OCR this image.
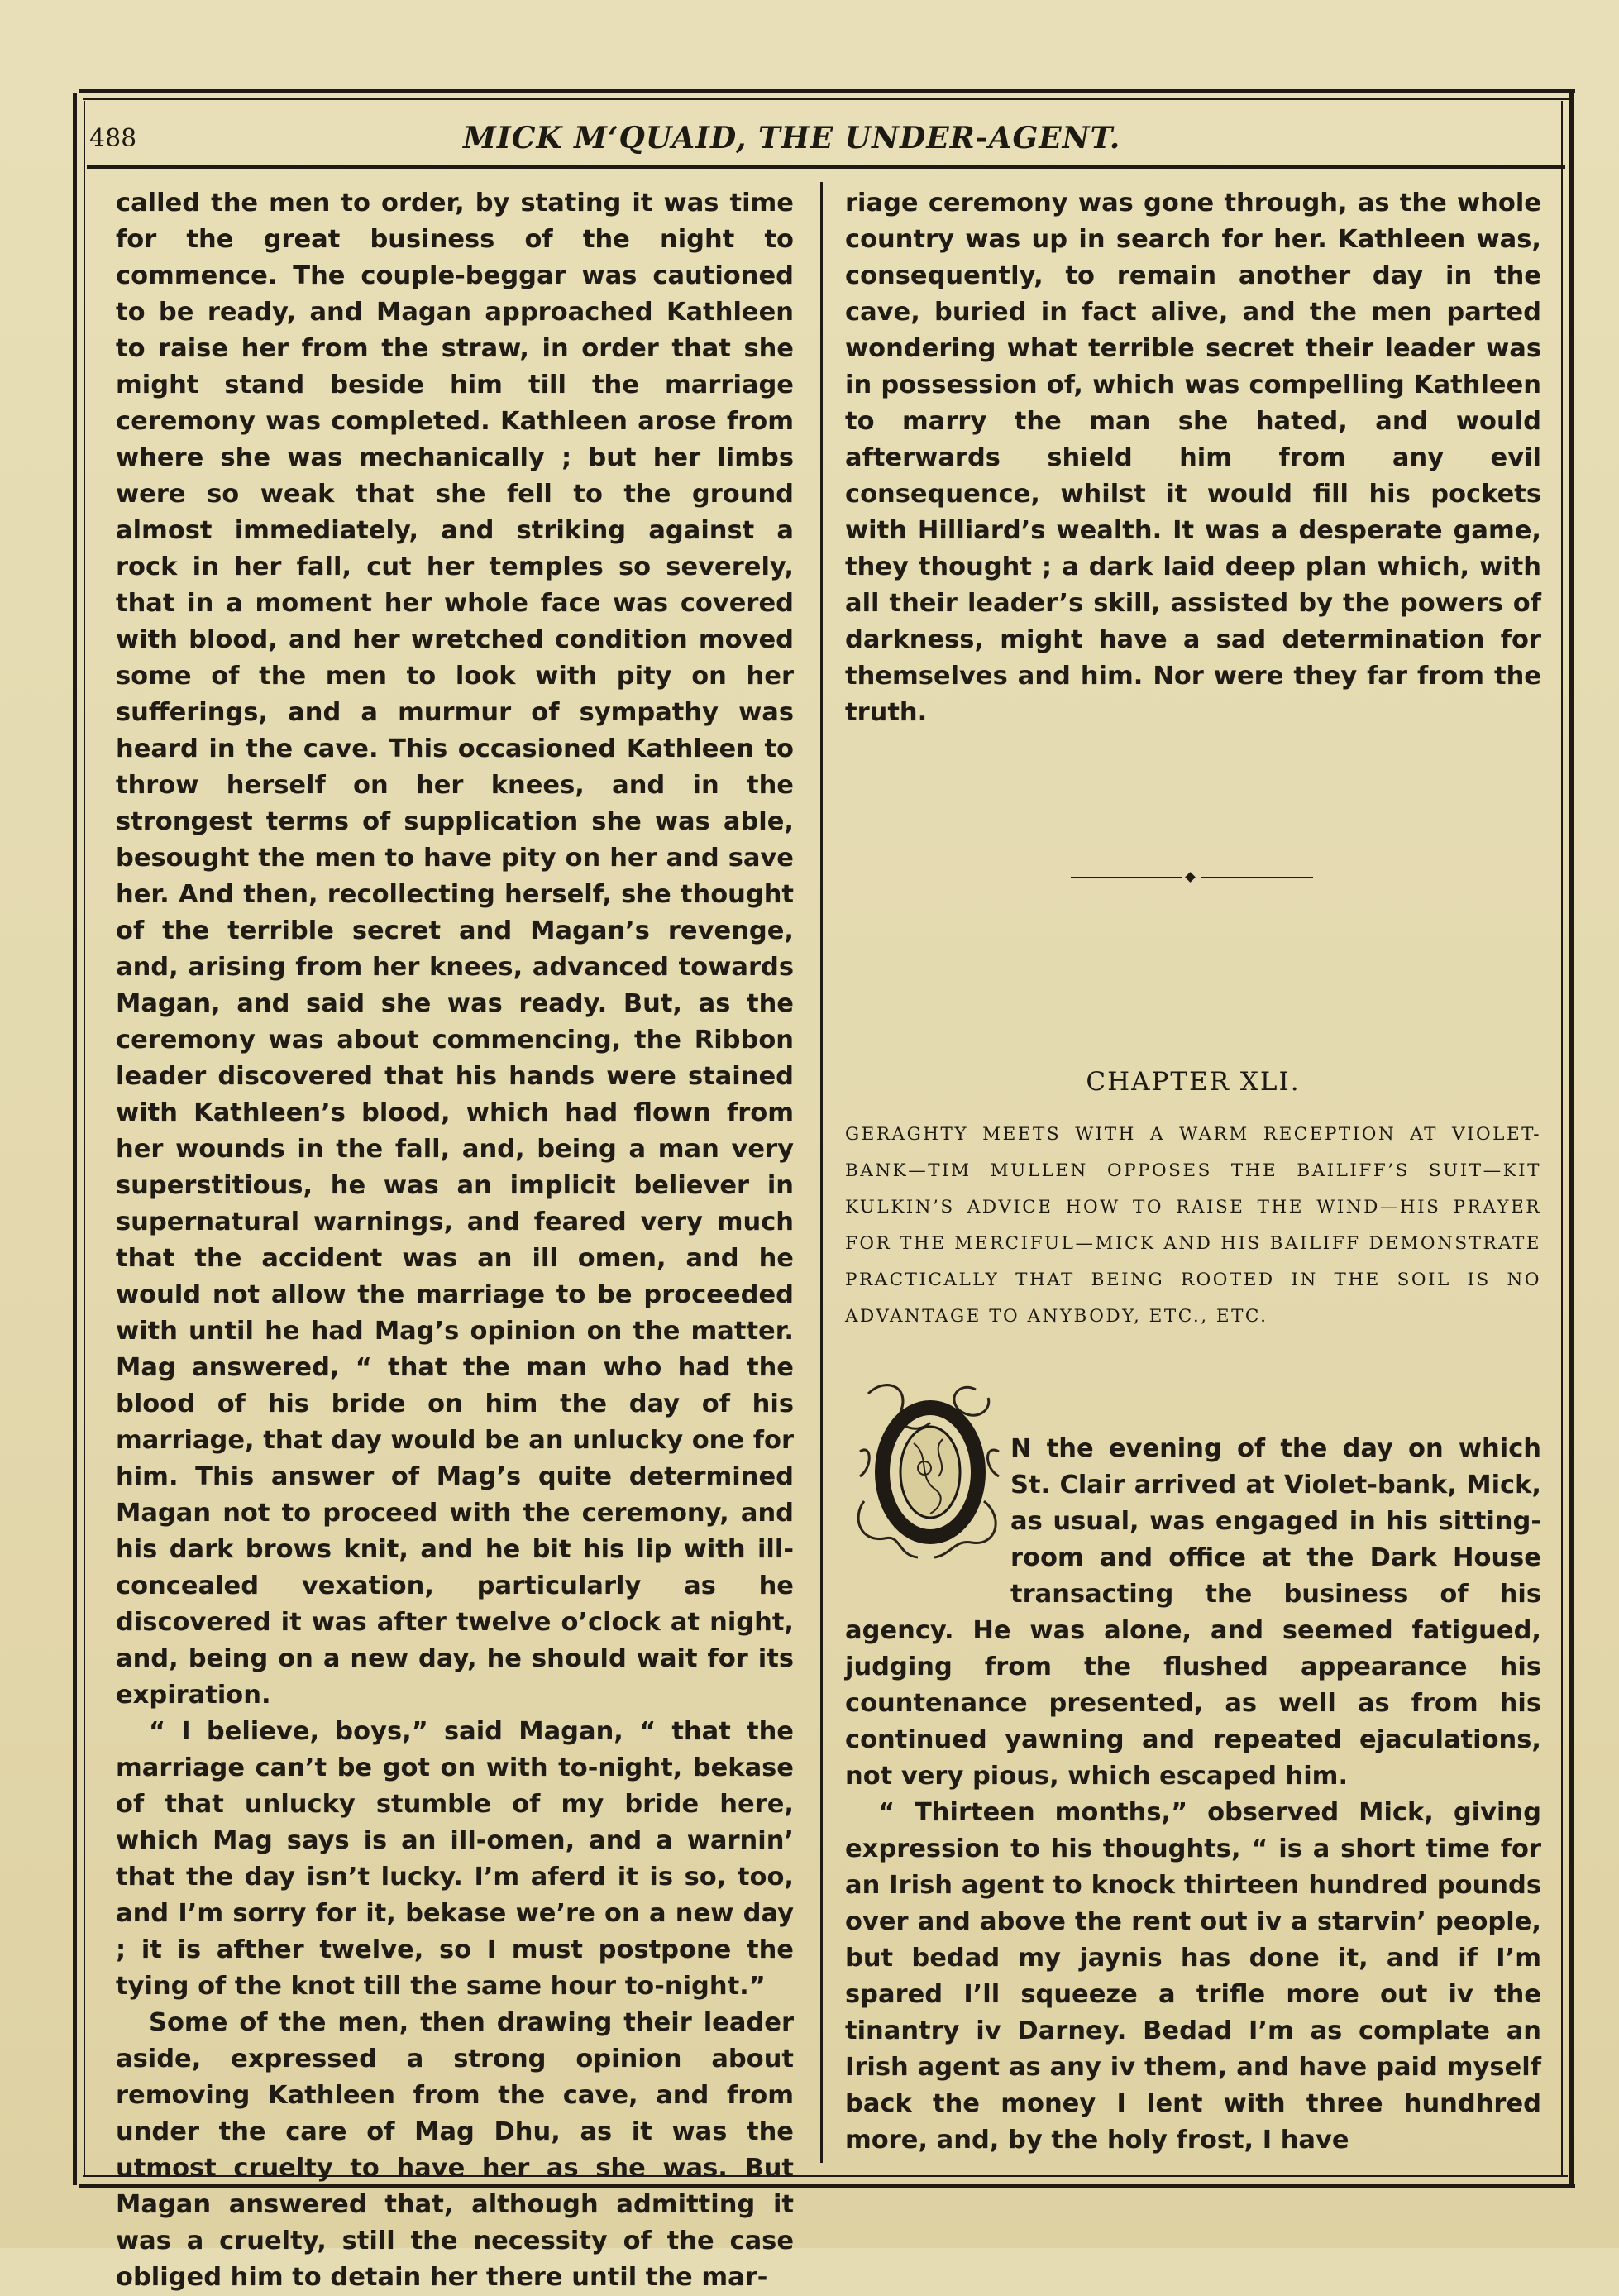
488	MICK M‘QUAID, THE UNDER-AGENT.

called the men to order, by stating it was time for the great business of the night to commence. The couple-beggar was cautioned to be ready, and Magan approached Kathleen to raise her from the straw, in order that she might stand beside him till the marriage ceremony was completed. Kathleen arose from where she was mechanically ; but her limbs were so weak that she fell to the ground almost immediately, and striking against a rock in her fall, cut her temples so severely, that in a moment her whole face was covered with blood, and her wretched condition moved some of the men to look with pity on her sufferings, and a murmur of sympathy was heard in the cave. This occasioned Kathleen to throw herself on her knees, and in the strongest terms of supplication she was able, besought the men to have pity on her and save her. And then, recollecting herself, she thought of the terrible secret and Magan’s revenge, and, arising from her knees, advanced towards Magan, and said she was ready. But, as the ceremony was about commencing, the Ribbon leader discovered that his hands were stained with Kathleen’s blood, which had flown from her wounds in the fall, and, being a man very superstitious, he was an implicit believer in supernatural warnings, and feared very much that the accident was an ill omen, and he would not allow the marriage to be proceeded with until he had Mag’s opinion on the matter. Mag answered, “ that the man who had the blood of his bride on him the day of his marriage, that day would be an unlucky one for him. This answer of Mag’s quite determined Magan not to proceed with the ceremony, and his dark brows knit, and he bit his lip with ill-concealed vexation, particularly as he discovered it was after twelve o’clock at night, and, being on a new day, he should wait for its expiration.

“ I believe, boys,” said Magan, “ that the marriage can’t be got on with to-night, bekase of that unlucky stumble of my bride here, which Mag says is an ill-omen, and a warnin’ that the day isn’t lucky. I’m aferd it is so, too, and I’m sorry for it, bekase we’re on a new day ; it is afther twelve, so I must postpone the tying of the knot till the same hour to-night.”

Some of the men, then drawing their leader aside, expressed a strong opinion about removing Kathleen from the cave, and from under the care of Mag Dhu, as it was the utmost cruelty to have her as she was. But Magan answered that, although admitting it was a cruelty, still the necessity of the case obliged him to detain her there until the mar-

riage ceremony was gone through, as the whole country was up in search for her. Kathleen was, consequently, to remain another day in the cave, buried in fact alive, and the men parted wondering what terrible secret their leader was in possession of, which was compelling Kathleen to marry the man she hated, and would afterwards shield him from any evil consequence, whilst it would fill his pockets with Hilliard’s wealth. It was a desperate game, they thought ; a dark laid deep plan which, with all their leader’s skill, assisted by the powers of darkness, might have a sad determination for themselves and him. Nor were they far from the truth.

CHAPTER XLI.
GERAGHTY MEETS WITH A WARM RECEPTION AT VIOLET-BANK—TIM MULLEN OPPOSES THE BAILIFF’S SUIT—KIT KULKIN’S ADVICE HOW TO RAISE THE WIND—HIS PRAYER FOR THE MERCIFUL—MICK AND HIS BAILIFF DEMONSTRATE PRACTICALLY THAT BEING ROOTED IN THE SOIL IS NO ADVANTAGE TO ANYBODY, ETC., ETC.

N the evening of the day on which St. Clair arrived at Violet-bank, Mick, as usual, was engaged in his sitting-room and office at the Dark House transacting the business of his agency. He was alone, and seemed fatigued, judging from the flushed appearance his countenance presented, as well as from his continued yawning and repeated ejaculations, not very pious, which escaped him.

“ Thirteen months,” observed Mick, giving expression to his thoughts, “ is a short time for an Irish agent to knock thirteen hundred pounds over and above the rent out iv a starvin’ people, but bedad my jaynis has done it, and if I’m spared I’ll squeeze a trifle more out iv the tinantry iv Darney. Bedad I’m as complate an Irish agent as any iv them, and have paid myself back the money I lent with three hundhred more, and, by the holy frost, I have
